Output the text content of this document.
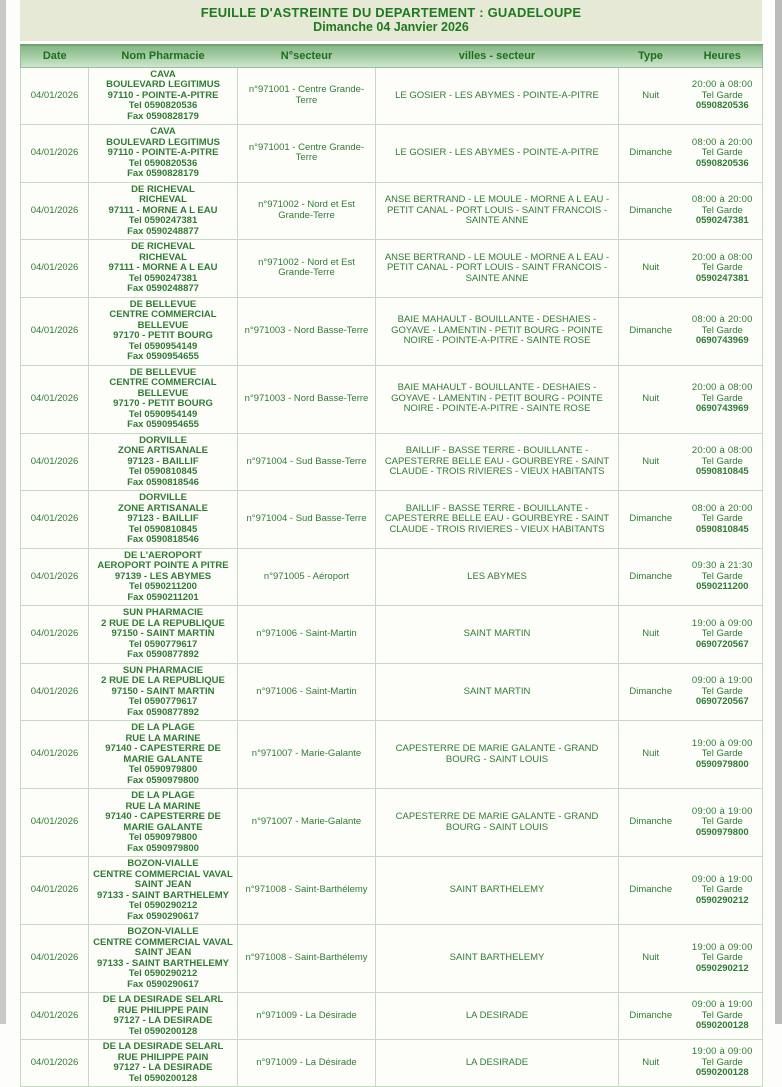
FEUILLE D'ASTREINTE DU DEPARTEMENT : GUADELOUPE
Dimanche 04 Janvier 2026
Date	Nom Pharmacie	N°secteur	villes - secteur	Type	Heures
04/01/2026	
CAVA
BOULEVARD LEGITIMUS
97110 - POINTE-A-PITRE
Tel 0590820536
Fax 0590828179
	n°971001 - Centre Grande-Terre	LE GOSIER - LES ABYMES - POINTE-A-PITRE	Nuit	
20:00 à 08:00
Tel Garde
0590820536

04/01/2026	
CAVA
BOULEVARD LEGITIMUS
97110 - POINTE-A-PITRE
Tel 0590820536
Fax 0590828179
	n°971001 - Centre Grande-Terre	LE GOSIER - LES ABYMES - POINTE-A-PITRE	Dimanche	
08:00 à 20:00
Tel Garde
0590820536

04/01/2026	
DE RICHEVAL
RICHEVAL
97111 - MORNE A L EAU
Tel 0590247381
Fax 0590248877
	n°971002 - Nord et Est Grande-Terre	ANSE BERTRAND - LE MOULE - MORNE A L EAU - PETIT CANAL - PORT LOUIS - SAINT FRANCOIS - SAINTE ANNE	Dimanche	
08:00 à 20:00
Tel Garde
0590247381

04/01/2026	
DE RICHEVAL
RICHEVAL
97111 - MORNE A L EAU
Tel 0590247381
Fax 0590248877
	n°971002 - Nord et Est Grande-Terre	ANSE BERTRAND - LE MOULE - MORNE A L EAU - PETIT CANAL - PORT LOUIS - SAINT FRANCOIS - SAINTE ANNE	Nuit	
20:00 à 08:00
Tel Garde
0590247381

04/01/2026	
DE BELLEVUE
CENTRE COMMERCIAL BELLEVUE
97170 - PETIT BOURG
Tel 0590954149
Fax 0590954655
	n°971003 - Nord Basse-Terre	BAIE MAHAULT - BOUILLANTE - DESHAIES - GOYAVE - LAMENTIN - PETIT BOURG - POINTE NOIRE - POINTE-A-PITRE - SAINTE ROSE	Dimanche	
08:00 à 20:00
Tel Garde
0690743969

04/01/2026	
DE BELLEVUE
CENTRE COMMERCIAL BELLEVUE
97170 - PETIT BOURG
Tel 0590954149
Fax 0590954655
	n°971003 - Nord Basse-Terre	BAIE MAHAULT - BOUILLANTE - DESHAIES - GOYAVE - LAMENTIN - PETIT BOURG - POINTE NOIRE - POINTE-A-PITRE - SAINTE ROSE	Nuit	
20:00 à 08:00
Tel Garde
0690743969

04/01/2026	
DORVILLE
ZONE ARTISANALE
97123 - BAILLIF
Tel 0590810845
Fax 0590818546
	n°971004 - Sud Basse-Terre	BAILLIF - BASSE TERRE - BOUILLANTE - CAPESTERRE BELLE EAU - GOURBEYRE - SAINT CLAUDE - TROIS RIVIERES - VIEUX HABITANTS	Nuit	
20:00 à 08:00
Tel Garde
0590810845

04/01/2026	
DORVILLE
ZONE ARTISANALE
97123 - BAILLIF
Tel 0590810845
Fax 0590818546
	n°971004 - Sud Basse-Terre	BAILLIF - BASSE TERRE - BOUILLANTE - CAPESTERRE BELLE EAU - GOURBEYRE - SAINT CLAUDE - TROIS RIVIERES - VIEUX HABITANTS	Dimanche	
08:00 à 20:00
Tel Garde
0590810845

04/01/2026	
DE L'AEROPORT
AEROPORT POINTE A PITRE
97139 - LES ABYMES
Tel 0590211200
Fax 0590211201
	n°971005 - Aéroport	LES ABYMES	Dimanche	
09:30 à 21:30
Tel Garde
0590211200

04/01/2026	
SUN PHARMACIE
2 RUE DE LA REPUBLIQUE
97150 - SAINT MARTIN
Tel 0590779617
Fax 0590877892
	n°971006 - Saint-Martin	SAINT MARTIN	Nuit	
19:00 à 09:00
Tel Garde
0690720567

04/01/2026	
SUN PHARMACIE
2 RUE DE LA REPUBLIQUE
97150 - SAINT MARTIN
Tel 0590779617
Fax 0590877892
	n°971006 - Saint-Martin	SAINT MARTIN	Dimanche	
09:00 à 19:00
Tel Garde
0690720567

04/01/2026	
DE LA PLAGE
RUE LA MARINE
97140 - CAPESTERRE DE MARIE GALANTE
Tel 0590979800
Fax 0590979800
	n°971007 - Marie-Galante	CAPESTERRE DE MARIE GALANTE - GRAND BOURG - SAINT LOUIS	Nuit	
19:00 à 09:00
Tel Garde
0590979800

04/01/2026	
DE LA PLAGE
RUE LA MARINE
97140 - CAPESTERRE DE MARIE GALANTE
Tel 0590979800
Fax 0590979800
	n°971007 - Marie-Galante	CAPESTERRE DE MARIE GALANTE - GRAND BOURG - SAINT LOUIS	Dimanche	
09:00 à 19:00
Tel Garde
0590979800

04/01/2026	
BOZON-VIALLE
CENTRE COMMERCIAL VAVAL SAINT JEAN
97133 - SAINT BARTHELEMY
Tel 0590290212
Fax 0590290617
	n°971008 - Saint-Barthélemy	SAINT BARTHELEMY	Dimanche	
09:00 à 19:00
Tel Garde
0590290212

04/01/2026	
BOZON-VIALLE
CENTRE COMMERCIAL VAVAL SAINT JEAN
97133 - SAINT BARTHELEMY
Tel 0590290212
Fax 0590290617
	n°971008 - Saint-Barthélemy	SAINT BARTHELEMY	Nuit	
19:00 à 09:00
Tel Garde
0590290212

04/01/2026	
DE LA DESIRADE SELARL
RUE PHILIPPE PAIN
97127 - LA DESIRADE
Tel 0590200128
	n°971009 - La Désirade	LA DESIRADE	Dimanche	
09:00 à 19:00
Tel Garde
0590200128

04/01/2026	
DE LA DESIRADE SELARL
RUE PHILIPPE PAIN
97127 - LA DESIRADE
Tel 0590200128
	n°971009 - La Désirade	LA DESIRADE	Nuit	
19:00 à 09:00
Tel Garde
0590200128
